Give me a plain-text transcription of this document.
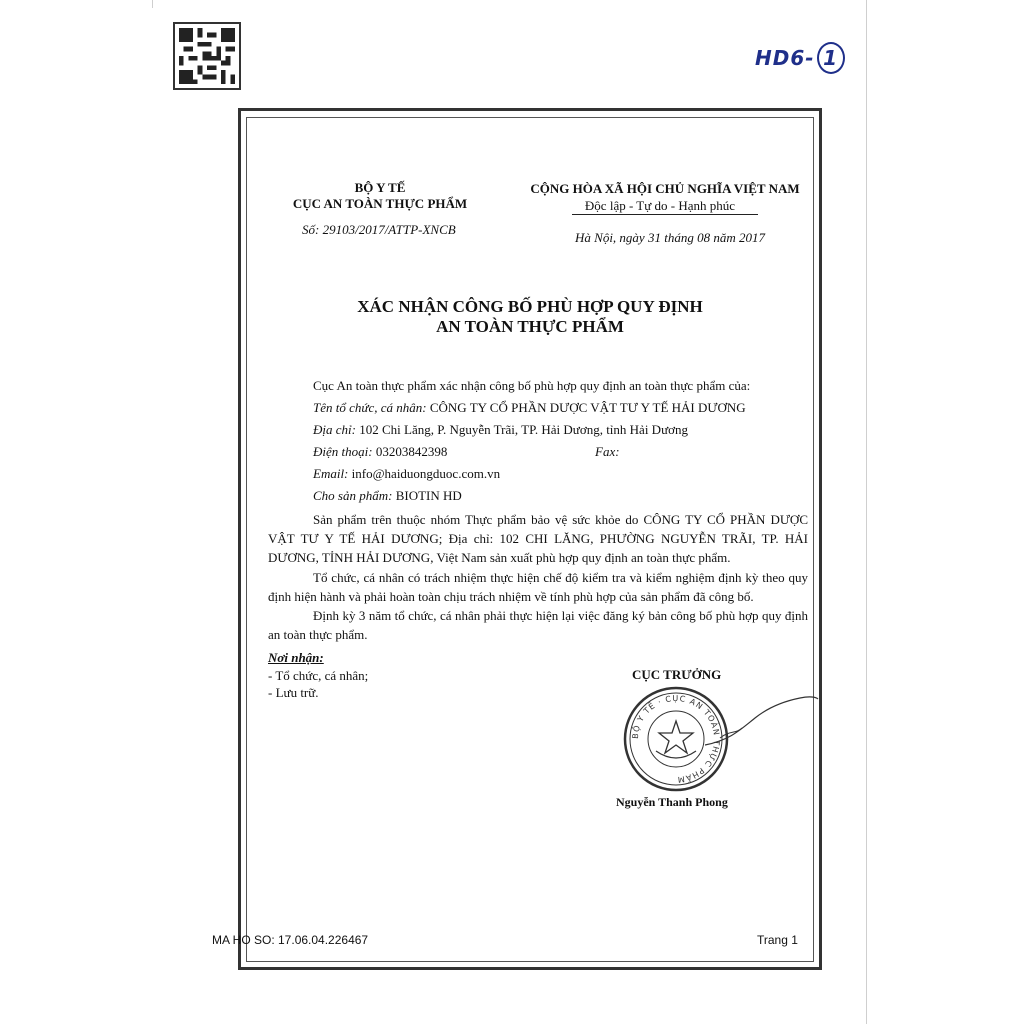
HD6- 1
BỘ Y TẾ
CỤC AN TOÀN THỰC PHẨM
Số: 29103/2017/ATTP-XNCB
CỘNG HÒA XÃ HỘI CHỦ NGHĨA VIỆT NAM
Độc lập - Tự do - Hạnh phúc
Hà Nội, ngày 31 tháng 08 năm 2017
XÁC NHẬN CÔNG BỐ PHÙ HỢP QUY ĐỊNH
AN TOÀN THỰC PHẨM
Cục An toàn thực phẩm xác nhận công bố phù hợp quy định an toàn thực phẩm của:
Tên tổ chức, cá nhân: CÔNG TY CỔ PHẦN DƯỢC VẬT TƯ Y TẾ HẢI DƯƠNG
Địa chỉ: 102 Chi Lăng, P. Nguyễn Trãi, TP. Hải Dương, tỉnh Hải Dương
Điện thoại: 03203842398	Fax:
Email: info@haiduongduoc.com.vn
Cho sản phẩm: BIOTIN HD
Sản phẩm trên thuộc nhóm Thực phẩm bảo vệ sức khỏe do CÔNG TY CỔ PHẦN DƯỢC VẬT TƯ Y TẾ HẢI DƯƠNG; Địa chỉ: 102 CHI LĂNG, PHƯỜNG NGUYỄN TRÃI, TP. HẢI DƯƠNG, TỈNH HẢI DƯƠNG, Việt Nam sản xuất phù hợp quy định an toàn thực phẩm.
Tổ chức, cá nhân có trách nhiệm thực hiện chế độ kiểm tra và kiểm nghiệm định kỳ theo quy định hiện hành và phải hoàn toàn chịu trách nhiệm về tính phù hợp của sản phẩm đã công bố.
Định kỳ 3 năm tổ chức, cá nhân phải thực hiện lại việc đăng ký bản công bố phù hợp quy định an toàn thực phẩm.
Nơi nhận:
- Tổ chức, cá nhân;
- Lưu trữ.
CỤC TRƯỞNG
BỘ Y TẾ · CỤC AN TOÀN THỰC PHẨM
Nguyễn Thanh Phong
MA HO SO: 17.06.04.226467	Trang 1
